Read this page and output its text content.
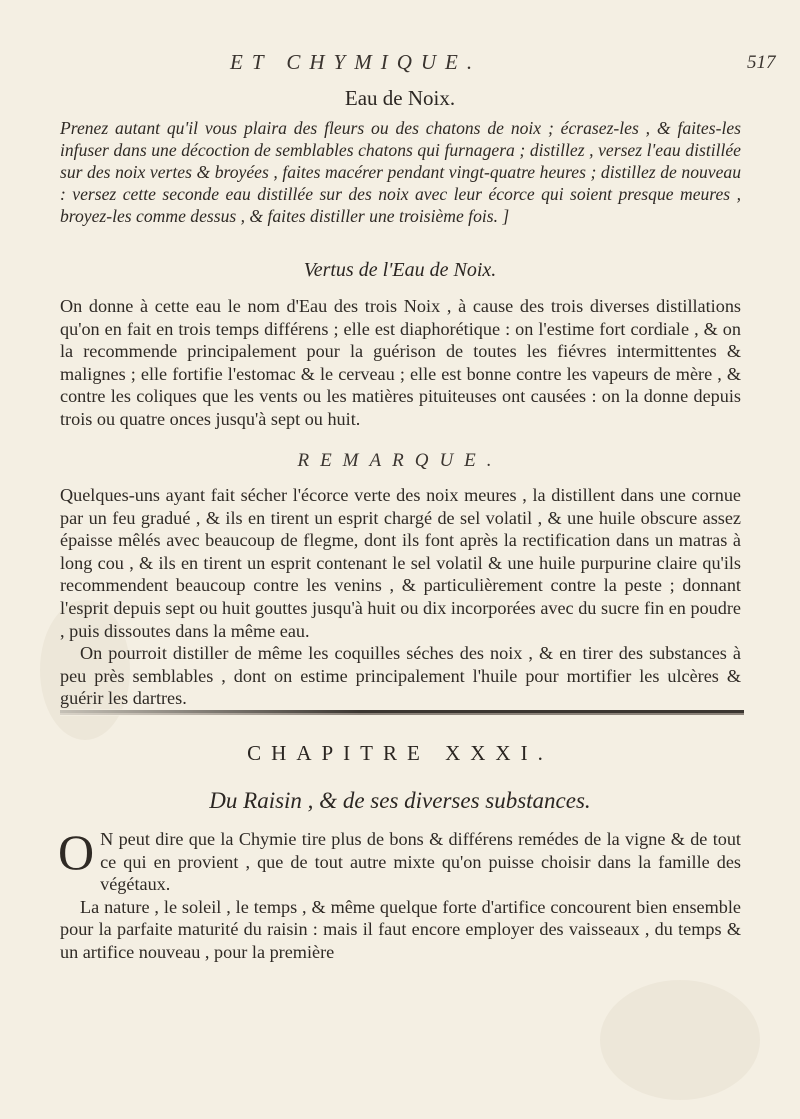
ET CHYMIQUE.	517
Eau de Noix.

Prenez autant qu'il vous plaira des fleurs ou des chatons de noix ; écrasez-les , & faites-les infuser dans une décoction de semblables chatons qui furnagera ; distillez , versez l'eau distillée sur des noix vertes & broyées , faites macérer pendant vingt-quatre heures ; distillez de nouveau : versez cette seconde eau distillée sur des noix avec leur écorce qui soient presque meures , broyez-les comme dessus , & faites distiller une troisième fois. ]

Vertus de l'Eau de Noix.

On donne à cette eau le nom d'Eau des trois Noix , à cause des trois diverses distillations qu'on en fait en trois temps différens ; elle est diaphorétique : on l'estime fort cordiale , & on la recommende principalement pour la guérison de toutes les fiévres intermittentes & malignes ; elle fortifie l'estomac & le cerveau ; elle est bonne contre les vapeurs de mère , & contre les coliques que les vents ou les matières pituiteuses ont causées : on la donne depuis trois ou quatre onces jusqu'à sept ou huit.

REMARQUE.

Quelques-uns ayant fait sécher l'écorce verte des noix meures , la distillent dans une cornue par un feu gradué , & ils en tirent un esprit chargé de sel volatil , & une huile obscure assez épaisse mêlés avec beaucoup de flegme, dont ils font après la rectification dans un matras à long cou , & ils en tirent un esprit contenant le sel volatil & une huile purpurine claire qu'ils recommendent beaucoup contre les venins , & particulièrement contre la peste ; donnant l'esprit depuis sept ou huit gouttes jusqu'à huit ou dix incorporées avec du sucre fin en poudre , puis dissoutes dans la même eau.

On pourroit distiller de même les coquilles séches des noix , & en tirer des substances à peu près semblables , dont on estime principalement l'huile pour mortifier les ulcères & guérir les dartres.

CHAPITRE XXXI.
Du Raisin , & de ses diverses substances.

O N peut dire que la Chymie tire plus de bons & différens remédes de la vigne & de tout ce qui en provient , que de tout autre mixte qu'on puisse choisir dans la famille des végétaux.

La nature , le soleil , le temps , & même quelque forte d'artifice concourent bien ensemble pour la parfaite maturité du raisin : mais il faut encore employer des vaisseaux , du temps & un artifice nouveau , pour la première
